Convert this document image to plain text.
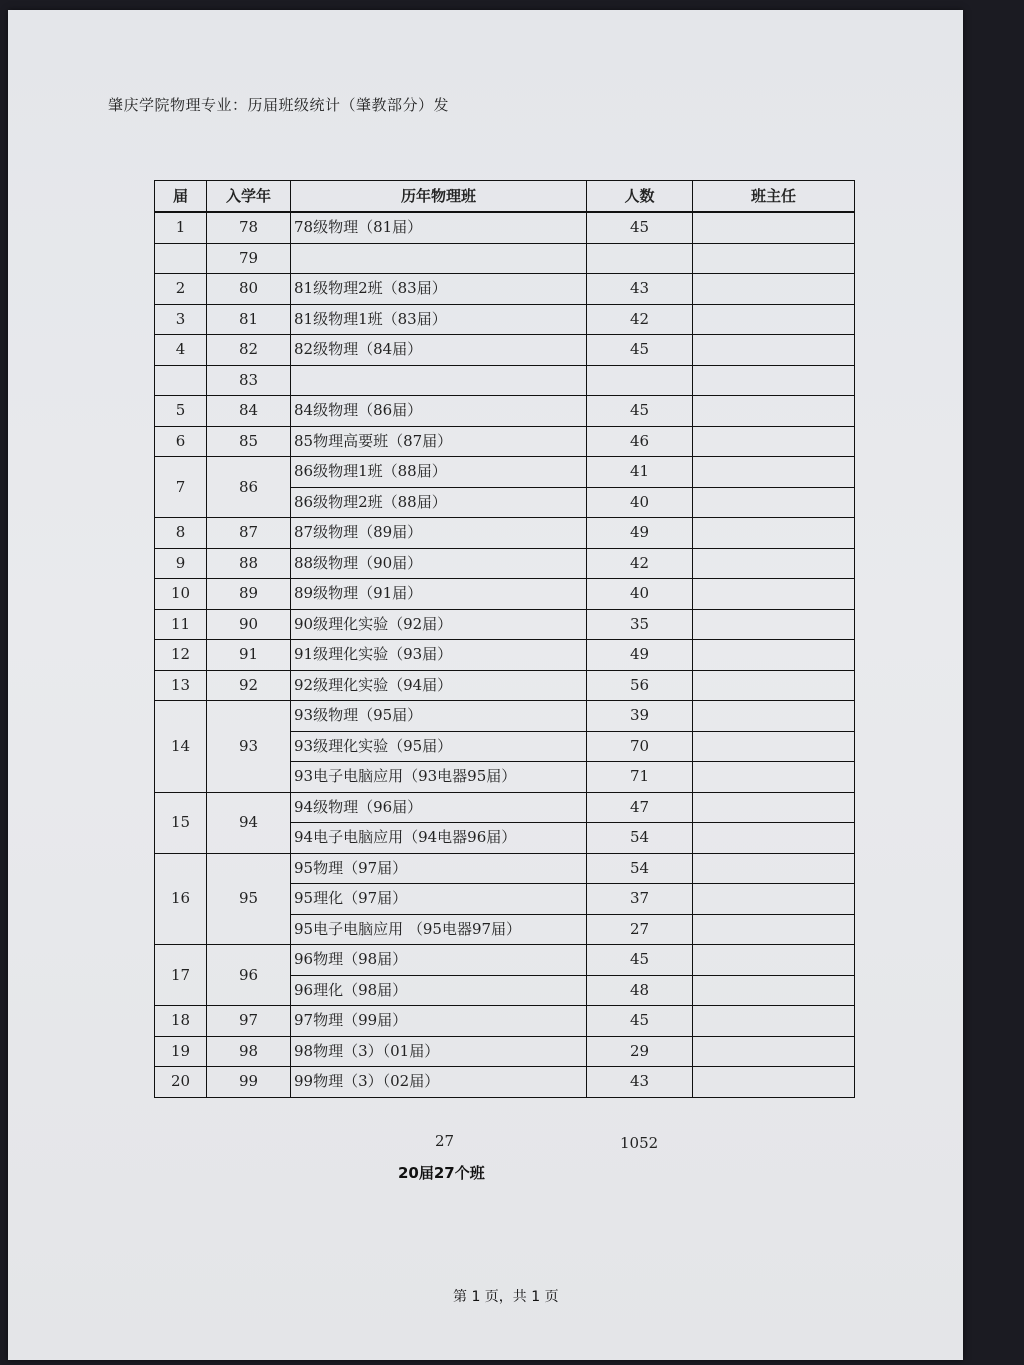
肇庆学院物理专业：历届班级统计（肇教部分）发
届	入学年	历年物理班	人数	班主任
1	78	78级物理（81届）	45	
	79			
2	80	81级物理2班（83届）	43	
3	81	81级物理1班（83届）	42	
4	82	82级物理（84届）	45	
	83			
5	84	84级物理（86届）	45	
6	85	85物理高要班（87届）	46	
7	86	86级物理1班（88届）	41	
		86级物理2班（88届）	40	
8	87	87级物理（89届）	49	
9	88	88级物理（90届）	42	
10	89	89级物理（91届）	40	
11	90	90级理化实验（92届）	35	
12	91	91级理化实验（93届）	49	
13	92	92级理化实验（94届）	56	
14	93	93级物理（95届）	39	
		93级理化实验（95届）	70	
		93电子电脑应用（93电器95届）	71	
15	94	94级物理（96届）	47	
		94电子电脑应用（94电器96届）	54	
16	95	95物理（97届）	54	
		95理化（97届）	37	
		95电子电脑应用 （95电器97届）	27	
17	96	96物理（98届）	45	
		96理化（98届）	48	
18	97	97物理（99届）	45	
19	98	98物理（3）（01届）	29	
20	99	99物理（3）（02届）	43	
27	1052
20届27个班
第 1 页，共 1 页
